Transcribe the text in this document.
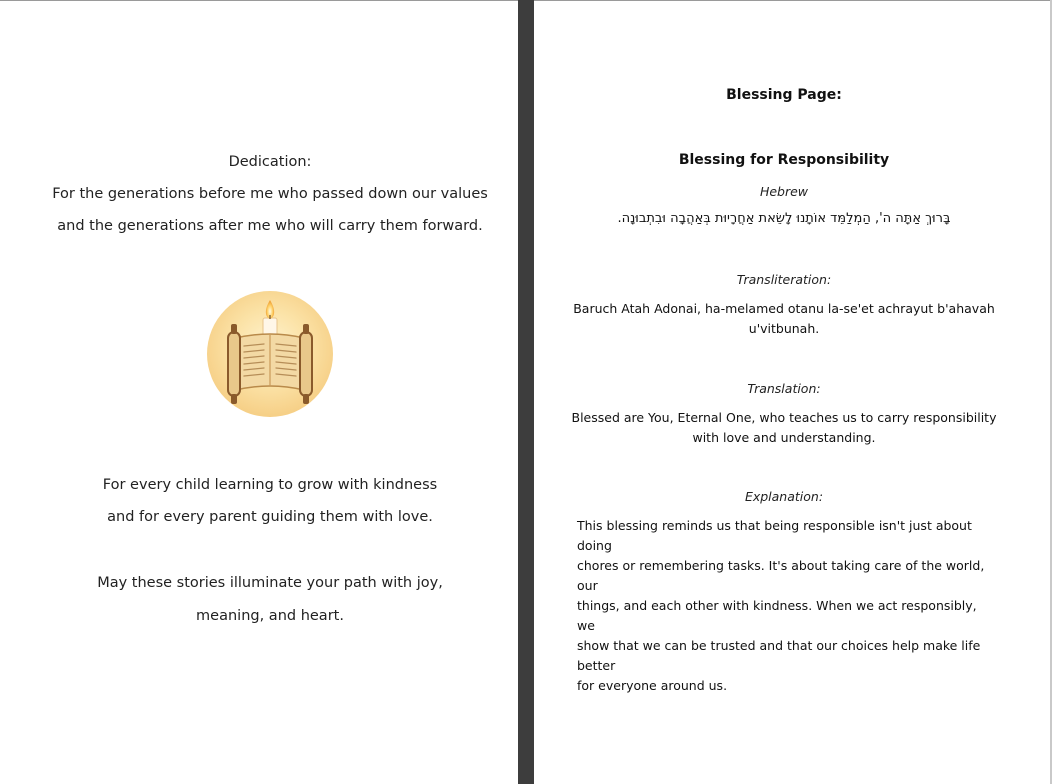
Dedication:
For the generations before me who passed down our values
and the generations after me who will carry them forward.
For every child learning to grow with kindness
and for every parent guiding them with love.
May these stories illuminate your path with joy,
meaning, and heart.
Blessing Page:
Blessing for Responsibility
Hebrew
בָּרוּךְ אַתָּה ה', הַמְלַמֵּד אוֹתָנוּ לָשֵׂאת אַחֲרָיוּת בְּאַהֲבָה וּבִתְבוּנָה.
Transliteration:
Baruch Atah Adonai, ha-melamed otanu la-se'et achrayut b'ahavah
u'vitbunah.
Translation:
Blessed are You, Eternal One, who teaches us to carry responsibility
with love and understanding.
Explanation:
This blessing reminds us that being responsible isn't just about doing
chores or remembering tasks. It's about taking care of the world, our
things, and each other with kindness. When we act responsibly, we
show that we can be trusted and that our choices help make life better
for everyone around us.
